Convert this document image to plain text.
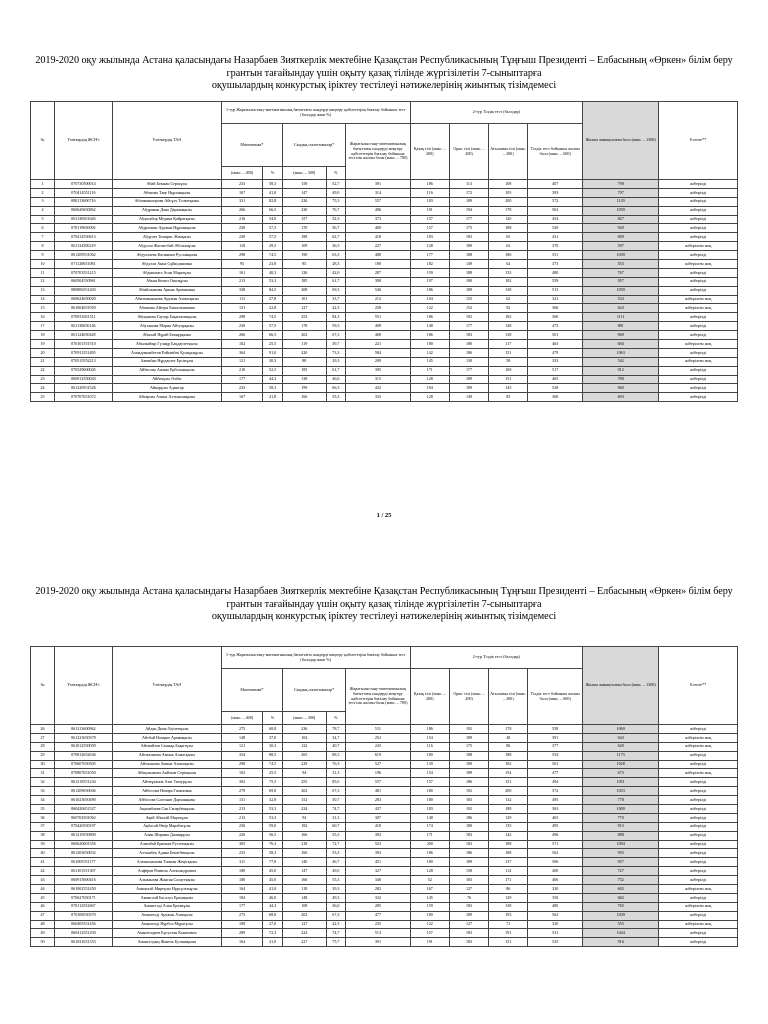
2019-2020 оқу жылында Астана қаласындағы Назарбаев Зияткерлік мектебіне Қазақстан Республикасының Тұңғыш Президенті – Елбасының «Өркен» білім беру
грантын тағайындау үшін оқыту қазақ тілінде жүргізілетін 7-сыныптарға
оқушылардың конкурстық іріктеу тестілеуі нәтижелерінің жиынтық тізімдемесі
№	Үміткердің ЖСН-і	Үміткердің ТАӘ	1-тур Жаратылыстану-математикалық бағыттағы пәндерді меңгеру қабілеттерін бағалау бойынша тест (баллдар және %)					2-тур Тілдік тест (баллдар)				Жалпы жинақталған балл (макс. – 1300)	Есепте**
			Математика*		Сандық сипаттамалар*		Жаратылыстану-математикалық бағыттағы пәндерді меңгеру қабілеттерін бағалау бойынша тестілік жалпы балы (макс. – 700)	Қазақ тілі (макс. – 200)	Орыс тілі (макс. – 200)	Ағылшын тілі (макс. – 200)	Тілдік тест бойынша жалпы балл (макс. – 600)		
			(макс. – 400)	%	(макс. – 300)	%							
1	070730500014	Абай Бекжан Серікұлы	233	58,3	158	52,7	391	186	113	108	407	798	жіберілді
2	070414551116	Абенова Таңғ Нұрланқызы	167	41,8	147	49,0	314	116	172	105	393	707	жіберілді
3	080113600716	Абішманшорова Айсұлу Толғатқызы	331	82,8	226	75,3	557	183	189	200	572	1129	жіберілді
4	060620650862	Абдраман Дана Дарханқызы	266	66,5	230	76,7	496	191	194	178	563	1059	жіберілді
5	061130501626	Абдасабир Медина Қайратқызы	216	54,0	157	52,3	373	157	177	120	454	827	жіберілді
6	070119650092	Абдрахман Аружан Нұрланқызы	230	57,5	170	56,7	400	157	175	188	520	920	жіберілді
7	070414550613	Абдулат Томирис Жанқызы	230	57,5	188	62,7	418	183	183	65	431	849	жіберілді
8	061124500219	Абдулла Жасмесбай Әбілханұлы	118	29,5	109	36,3	227	128	180	62	370	597	жіберілген жоқ
9	061209551062	Абдуллаева Касиниам Русланқызы	298	74,5	190	63,3	488	177	188	186	551	1039	жіберілді
10	071120651081	Абдулла Анна Сұйкідиновна	95	23,8	85	28,3	180	182	149	62	373	553	жіберілген жоқ
11	070703551215	Абдыкомел Асан Маратұлы	161	40,3	126	42,0	287	159	188	133	480	767	жіберілді
12	060504550961	Абкан Кемел Оналқұлы	213	53,3	185	61,7	398	197	180	182	559	957	жіберілді
13	080806551403	Абыйлханова Арина Армановна	338	84,5	208	69,3	546	186	189	138	513	1059	жіберілді
14	060624650020	Абилманнанова Аружан Алмасқызы	111	27,8	101	33,7	212	104	155	62	321	533	жіберілген жоқ
15	061004651950	Абишова Айгера Бекытжановна	131	32,8	127	42,3	258	122	152	92	366	624	жіберілген жоқ
16	070813651511	Абуқанова Гаухар Бақытжанқызы	298	74,5	253	84,3	551	186	192	182	560	1111	жіберілді
17	061130650146	Абуханова Мария Айтуарқызы	230	57,5	178	59,3	408	148	177	148	473	881	жіберілді
18	061124650428	Абылай Нұрай Бекнұрқызы	266	66,5	202	67,3	468	186	183	138	501	969	жіберілді
19	070101551510	Абылкайыр Гүлнұр Бақдаулетқызы	102	25,5	119	39,7	221	180	180	117	463	684	жіберілген жоқ
20	070911551495	Ахмадиманбетов Райымбек Қуандықұлы	364	91,0	220	73,3	584	142	186	151	479	1063	жіберілді
21	070515552213	Ажикбан Нұрдаулет Ерсінұлы	121	30,3	88	29,3	209	145	130	58	333	542	жіберілген жоқ
22	070529600045	Айбасова Ажина Ербосынқызы	210	52,5	185	61,7	395	171	177	169	517	912	жіберілді
23	060912550043	Айбекұлы Әліби	177	44,3	138	46,0	315	128	189	151	465	780	жіберілді
24	061220551526	Айкарұлы Аднигар	233	58,3	199	66,3	432	194	189	145	528	960	жіберілді
25	070707651072	Айтарова Алина Алтынханқызы	167	41,8	166	55,3	333	128	149	83	360	693	жіберілді
1 / 25
2019-2020 оқу жылында Астана қаласындағы Назарбаев Зияткерлік мектебіне Қазақстан Республикасының Тұңғыш Президенті – Елбасының «Өркен» білім беру
грантын тағайындау үшін оқыту қазақ тілінде жүргізілетін 7-сыныптарға
оқушылардың конкурстық іріктеу тестілеуі нәтижелерінің жиынтық тізімдемесі
№	Үміткердің ЖСН-і	Үміткердің ТАӘ	1-тур Жаратылыстану-математикалық бағыттағы пәндерді меңгеру қабілеттерін бағалау бойынша тест (баллдар және %)					2-тур Тілдік тест (баллдар)				Жалпы жинақталған балл (макс. – 1300)	Есепте**
			Математика*		Сандық сипаттамалар*		Жаратылыстану-математикалық бағыттағы пәндерді меңгеру қабілеттерін бағалау бойынша тестілік жалпы балы (макс. – 700)	Қазақ тілі (макс. – 200)	Орыс тілі (макс. – 200)	Ағылшын тілі (макс. – 200)	Тілдік тест бойынша жалпы балл (макс. – 600)		
			(макс. – 400)	%	(макс. – 300)	%							
26	061213600962	Айдан Дина Әділетқызы	275	68,8	236	78,7	511	186	192	178	558	1069	жіберілді
27	061223650378	Айтбай Назерке Арманқызы	148	37,0	104	34,7	252	154	189	48	391	643	жіберілген жоқ
28	061012550059	Айтмайтов Санжар Бақытұлы	121	30,3	122	40,7	243	116	175	86	377	620	жіберілген жоқ
29	070812652636	Айтжалыева Амина Алмасқызы	354	88,5	265	88,3	619	180	188	188	554	1173	жіберілді
30	070607650305	Айтжанова Амина Алмасқызы	298	74,5	229	76,3	527	139	180	182	501	1028	жіберілді
31	070807651050	Айтқожанова Аяйлым Серікқызы	102	25,5	94	31,3	196	154	189	154	477	673	жіберілген жоқ
32	061218551234	Айтмұханов Азат Тимурұлы	302	75,5	255	85,0	557	157	186	151	494	1051	жіберілді
33	061209650046	Айбосова Назира Гапизовна	279	69,8	202	67,3	481	180	192	200	572	1053	жіберілді
34	061023650490	Айбосова Сәлтанат Дарханқызы	131	32,8	152	50,7	283	180	183	132	495	778	жіберілді
35	060420651527	Ақжанбаева Сая Сапарбекқызы	213	53,3	224	74,7	437	183	192	188	563	1000	жіберілді
36	060702501062	Ақай Абылай Маратұлы	213	53,3	94	31,3	307	148	186	129	463	770	жіберілді
37	070426550197	Ақбасай Өмір Марабатұлы	236	59,0	182	60,7	418	174	180	135	495	913	жіберілді
38	061219550800	Алин Ширина Дәниярұлы	226	56,5	166	55,3	392	171	183	142	496	888	жіберілді
39	060620601356	Алимбай Еркенаи Рустемқызы	305	76,3	218	72,7	523	200	183	188	571	1094	жіберілді
40	061203650032	Алтынбек Адина Бекатбекқызы	233	58,3	160	53,3	393	186	186	188	562	955	жіберілді
41	061005551177	Алтыншашова Томиан Жеңісқызы	311	77,8	140	46,7	451	180	189	137	506	957	жіберілді
42	061101551307	Алфёров Ризвель Александрович	180	45,0	147	49,0	327	128	158	114	400	727	жіберілді
43	060915600416	Альжанова Жансая Салаутқызы	180	45,0	166	55,3	346	52	183	171	406	752	жіберілді
44	061002551450	Амангалй Мирғұлы Нұрсұлтанұлы	164	41,0	118	39,3	282	167	127	86	320	602	жіберілген жоқ
45	070627650171	Амангалй Басалул Еркінқызы	184	46,0	148	49,3	332	145	76	129	350	682	жіберілді
46	070112552667	Амангелді Алан Ерланұлы	177	44,3	108	36,0	285	159	183	138	480	765	жіберілген жоқ
47	070108550370	Амангелді Аружан Азатқызы	275	68,8	202	67,3	477	180	189	193	562	1039	жіберілді
48	060405551456	Амангелді Нұрбол Мұратұлы	108	27,0	127	42,3	235	122	127	71	320	555	жіберілген жоқ
49	060412551294	Амангелдиев Ерсултан Канатович	289	72,3	224	74,7	513	157	183	191	531	1044	жіберілді
50	061031651353	Амангелдың Жанель Бузаниқызы	164	41,0	227	75,7	391	191	183	151	525	916	жіберілді
